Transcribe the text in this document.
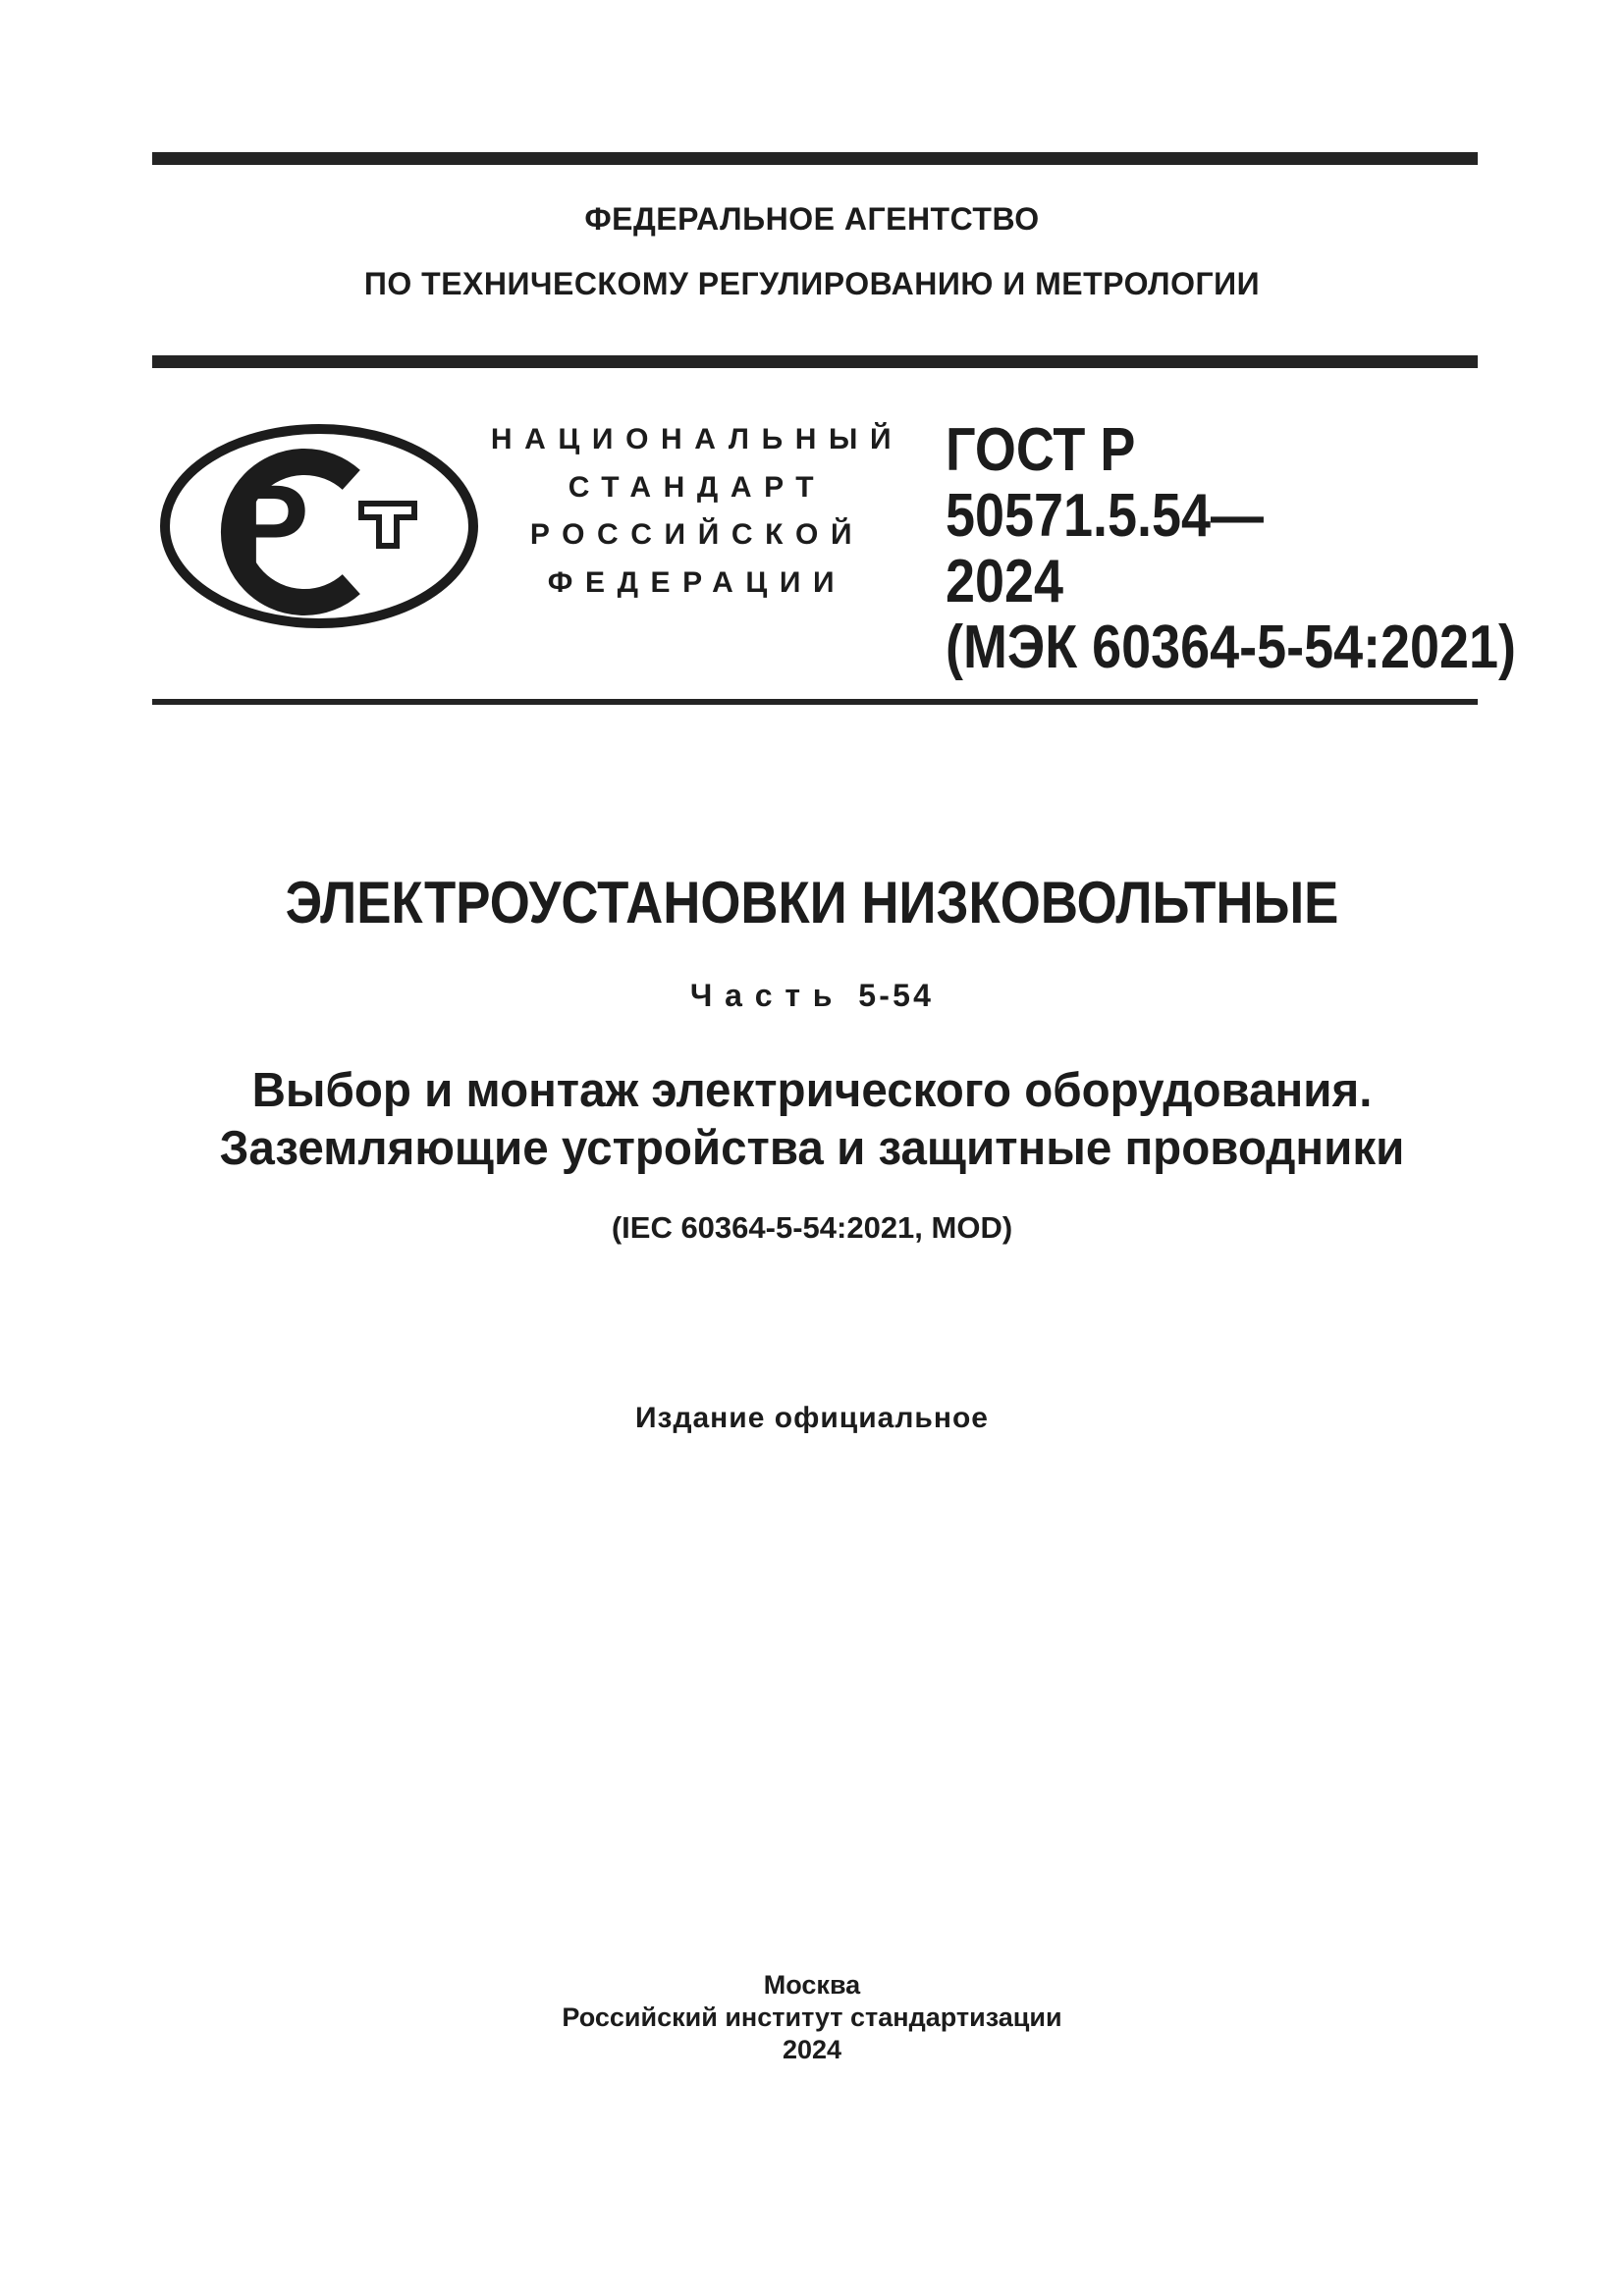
ФЕДЕРАЛЬНОЕ АГЕНТСТВО
ПО ТЕХНИЧЕСКОМУ РЕГУЛИРОВАНИЮ И МЕТРОЛОГИИ
Р
НАЦИОНАЛЬНЫЙ
СТАНДАРТ
РОССИЙСКОЙ
ФЕДЕРАЦИИ
ГОСТ Р
50571.5.54—
2024
(МЭК 60364-5-54:2021)
ЭЛЕКТРОУСТАНОВКИ НИЗКОВОЛЬТНЫЕ
Часть 5-54
Выбор и монтаж электрического оборудования.
Заземляющие устройства и защитные проводники
(IEC 60364-5-54:2021, MOD)
Издание официальное
Москва
Российский институт стандартизации
2024
